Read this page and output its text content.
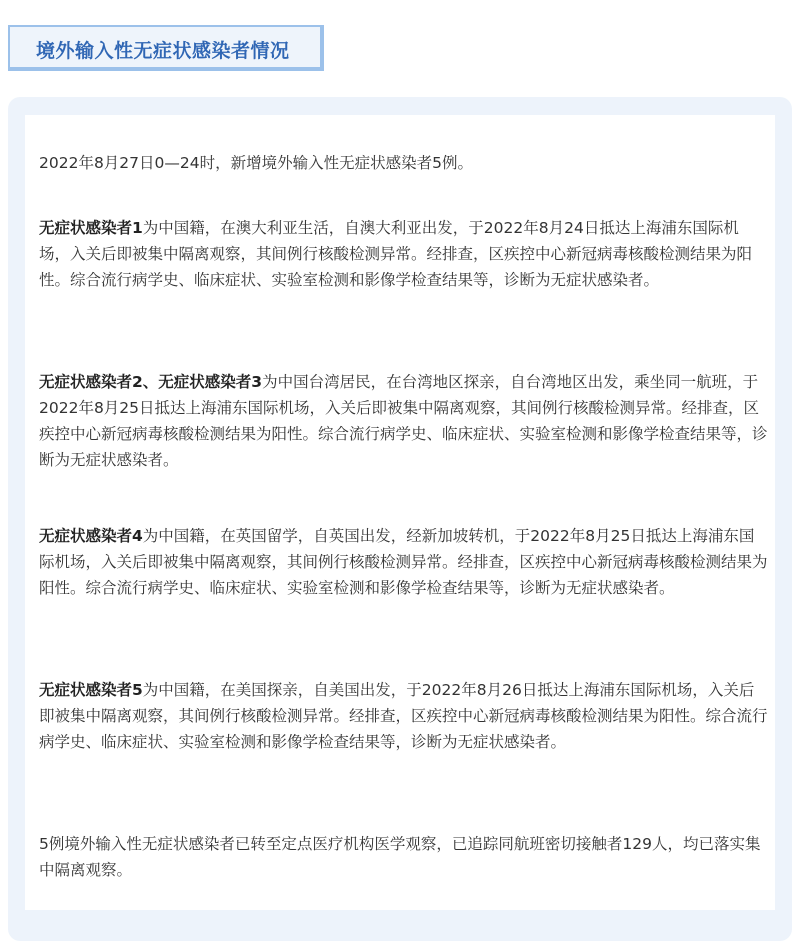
境外输入性无症状感染者情况
2022年8月27日0—24时，新增境外输入性无症状感染者5例。
无症状感染者1为中国籍，在澳大利亚生活，自澳大利亚出发，于2022年8月24日抵达上海浦东国际机场，入关后即被集中隔离观察，其间例行核酸检测异常。经排查，区疾控中心新冠病毒核酸检测结果为阳性。综合流行病学史、临床症状、实验室检测和影像学检查结果等，诊断为无症状感染者。
无症状感染者2、无症状感染者3为中国台湾居民，在台湾地区探亲，自台湾地区出发，乘坐同一航班，于2022年8月25日抵达上海浦东国际机场，入关后即被集中隔离观察，其间例行核酸检测异常。经排查，区疾控中心新冠病毒核酸检测结果为阳性。综合流行病学史、临床症状、实验室检测和影像学检查结果等，诊断为无症状感染者。
无症状感染者4为中国籍，在英国留学，自英国出发，经新加坡转机，于2022年8月25日抵达上海浦东国际机场，入关后即被集中隔离观察，其间例行核酸检测异常。经排查，区疾控中心新冠病毒核酸检测结果为阳性。综合流行病学史、临床症状、实验室检测和影像学检查结果等，诊断为无症状感染者。
无症状感染者5为中国籍，在美国探亲，自美国出发，于2022年8月26日抵达上海浦东国际机场，入关后即被集中隔离观察，其间例行核酸检测异常。经排查，区疾控中心新冠病毒核酸检测结果为阳性。综合流行病学史、临床症状、实验室检测和影像学检查结果等，诊断为无症状感染者。
5例境外输入性无症状感染者已转至定点医疗机构医学观察，已追踪同航班密切接触者129人，均已落实集中隔离观察。
